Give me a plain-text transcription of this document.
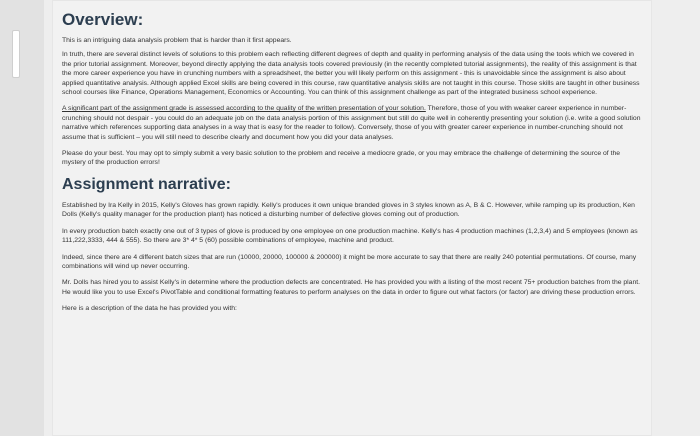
Overview:

This is an intriguing data analysis problem that is harder than it first appears.

In truth, there are several distinct levels of solutions to this problem each reflecting different degrees of depth and quality in performing analysis of the data using the tools which we covered in the prior tutorial assignment. Moreover, beyond directly applying the data analysis tools covered previously (in the recently completed tutorial assignments), the reality of this assignment is that the more career experience you have in crunching numbers with a spreadsheet, the better you will likely perform on this assignment - this is unavoidable since the assignment is also about applied quantitative analysis. Although applied Excel skills are being covered in this course, raw quantitative analysis skills are not taught in this course. Those skills are taught in other business school courses like Finance, Operations Management, Economics or Accounting. You can think of this assignment challenge as part of the integrated business school experience.

A significant part of the assignment grade is assessed according to the quality of the written presentation of your solution. Therefore, those of you with weaker career experience in number-crunching should not despair - you could do an adequate job on the data analysis portion of this assignment but still do quite well in coherently presenting your solution (i.e. write a good solution narrative which references supporting data analyses in a way that is easy for the reader to follow). Conversely, those of you with greater career experience in number-crunching should not assume that is sufficient – you will still need to describe clearly and document how you did your data analyses.

Please do your best. You may opt to simply submit a very basic solution to the problem and receive a mediocre grade, or you may embrace the challenge of determining the source of the mystery of the production errors!

Assignment narrative:

Established by Ira Kelly in 2015, Kelly's Gloves has grown rapidly. Kelly's produces it own unique branded gloves in 3 styles known as A, B & C. However, while ramping up its production, Ken Dolls (Kelly's quality manager for the production plant) has noticed a disturbing number of defective gloves coming out of production.

In every production batch exactly one out of 3 types of glove is produced by one employee on one production machine. Kelly's has 4 production machines (1,2,3,4) and 5 employees (known as 111,222,3333, 444 & 555). So there are 3* 4* 5 (60) possible combinations of employee, machine and product.

Indeed, since there are 4 different batch sizes that are run (10000, 20000, 100000 & 200000) it might be more accurate to say that there are really 240 potential permutations. Of course, many combinations will wind up never occurring.

Mr. Dolls has hired you to assist Kelly's in determine where the production defects are concentrated. He has provided you with a listing of the most recent 75+ production batches from the plant. He would like you to use Excel's PivotTable and conditional formatting features to perform analyses on the data in order to figure out what factors (or factor) are driving these production errors.

Here is a description of the data he has provided you with:
